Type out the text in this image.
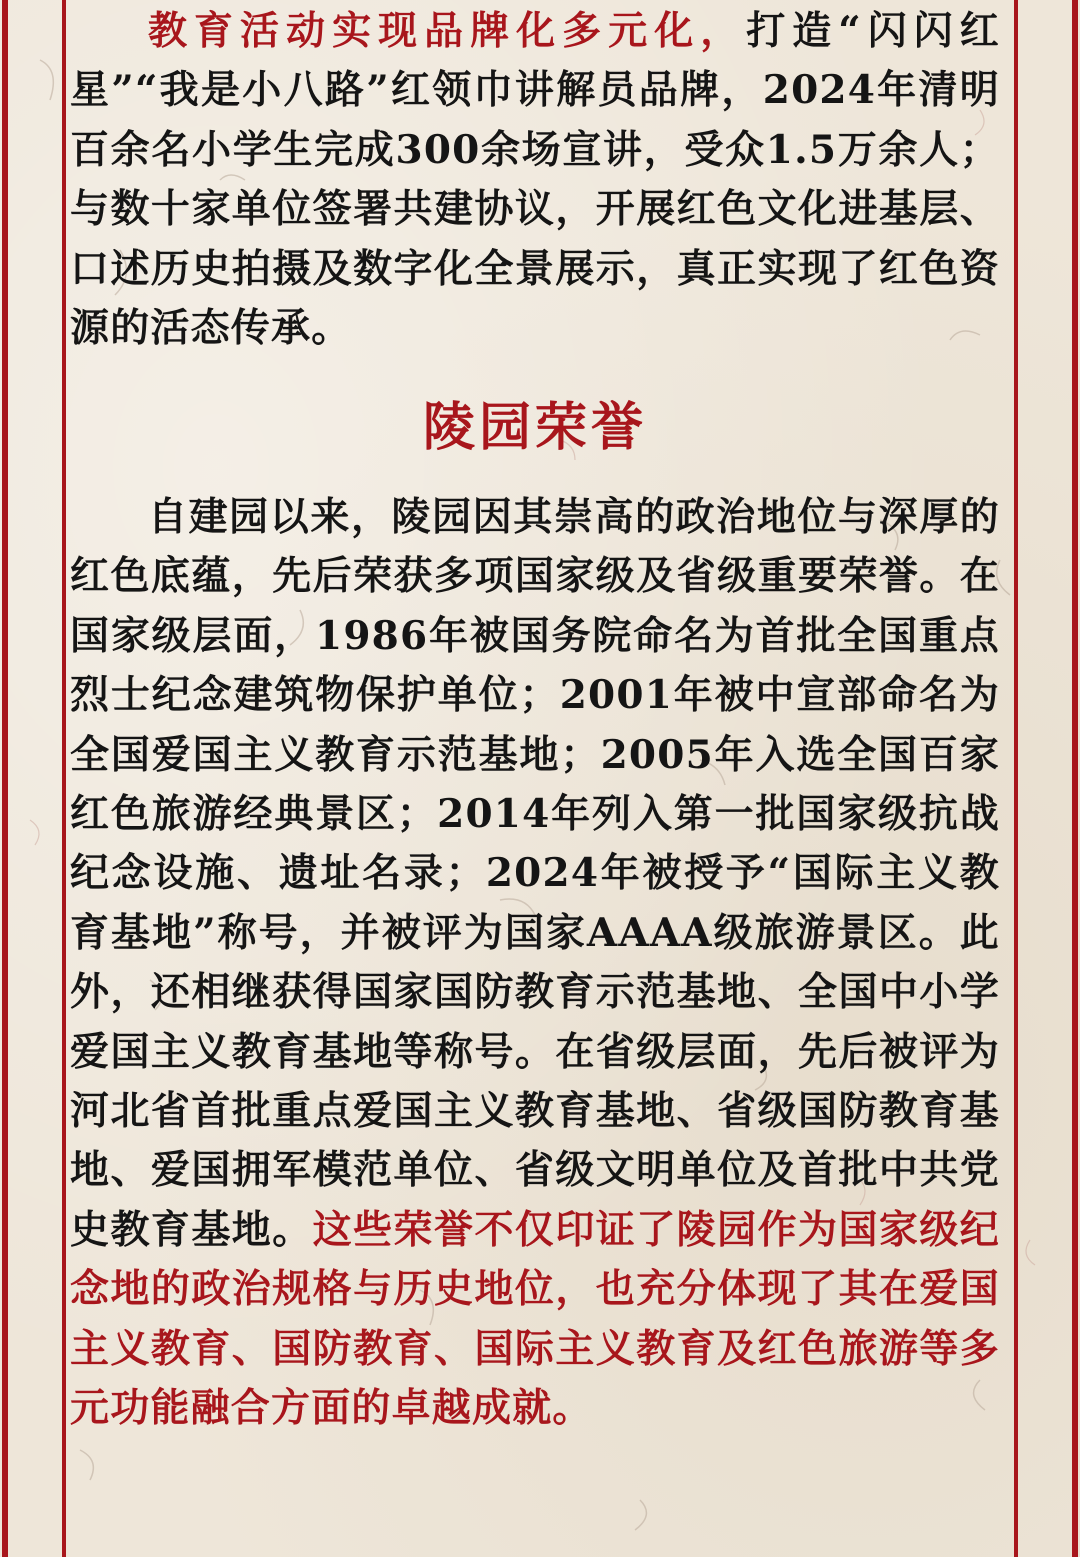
教育活动实现品牌化多元化，打造“闪闪红星”“我是小八路”红领巾讲解员品牌，2024年清明百余名小学生完成300余场宣讲，受众1.5万余人；与数十家单位签署共建协议，开展红色文化进基层、口述历史拍摄及数字化全景展示，真正实现了红色资源的活态传承。

陵园荣誉

自建园以来，陵园因其崇高的政治地位与深厚的红色底蕴，先后荣获多项国家级及省级重要荣誉。在国家级层面，1986年被国务院命名为首批全国重点烈士纪念建筑物保护单位；2001年被中宣部命名为全国爱国主义教育示范基地；2005年入选全国百家红色旅游经典景区；2014年列入第一批国家级抗战纪念设施、遗址名录；2024年被授予“国际主义教育基地”称号，并被评为国家AAAA级旅游景区。此外，还相继获得国家国防教育示范基地、全国中小学爱国主义教育基地等称号。在省级层面，先后被评为河北省首批重点爱国主义教育基地、省级国防教育基地、爱国拥军模范单位、省级文明单位及首批中共党史教育基地。这些荣誉不仅印证了陵园作为国家级纪念地的政治规格与历史地位，也充分体现了其在爱国主义教育、国防教育、国际主义教育及红色旅游等多元功能融合方面的卓越成就。
